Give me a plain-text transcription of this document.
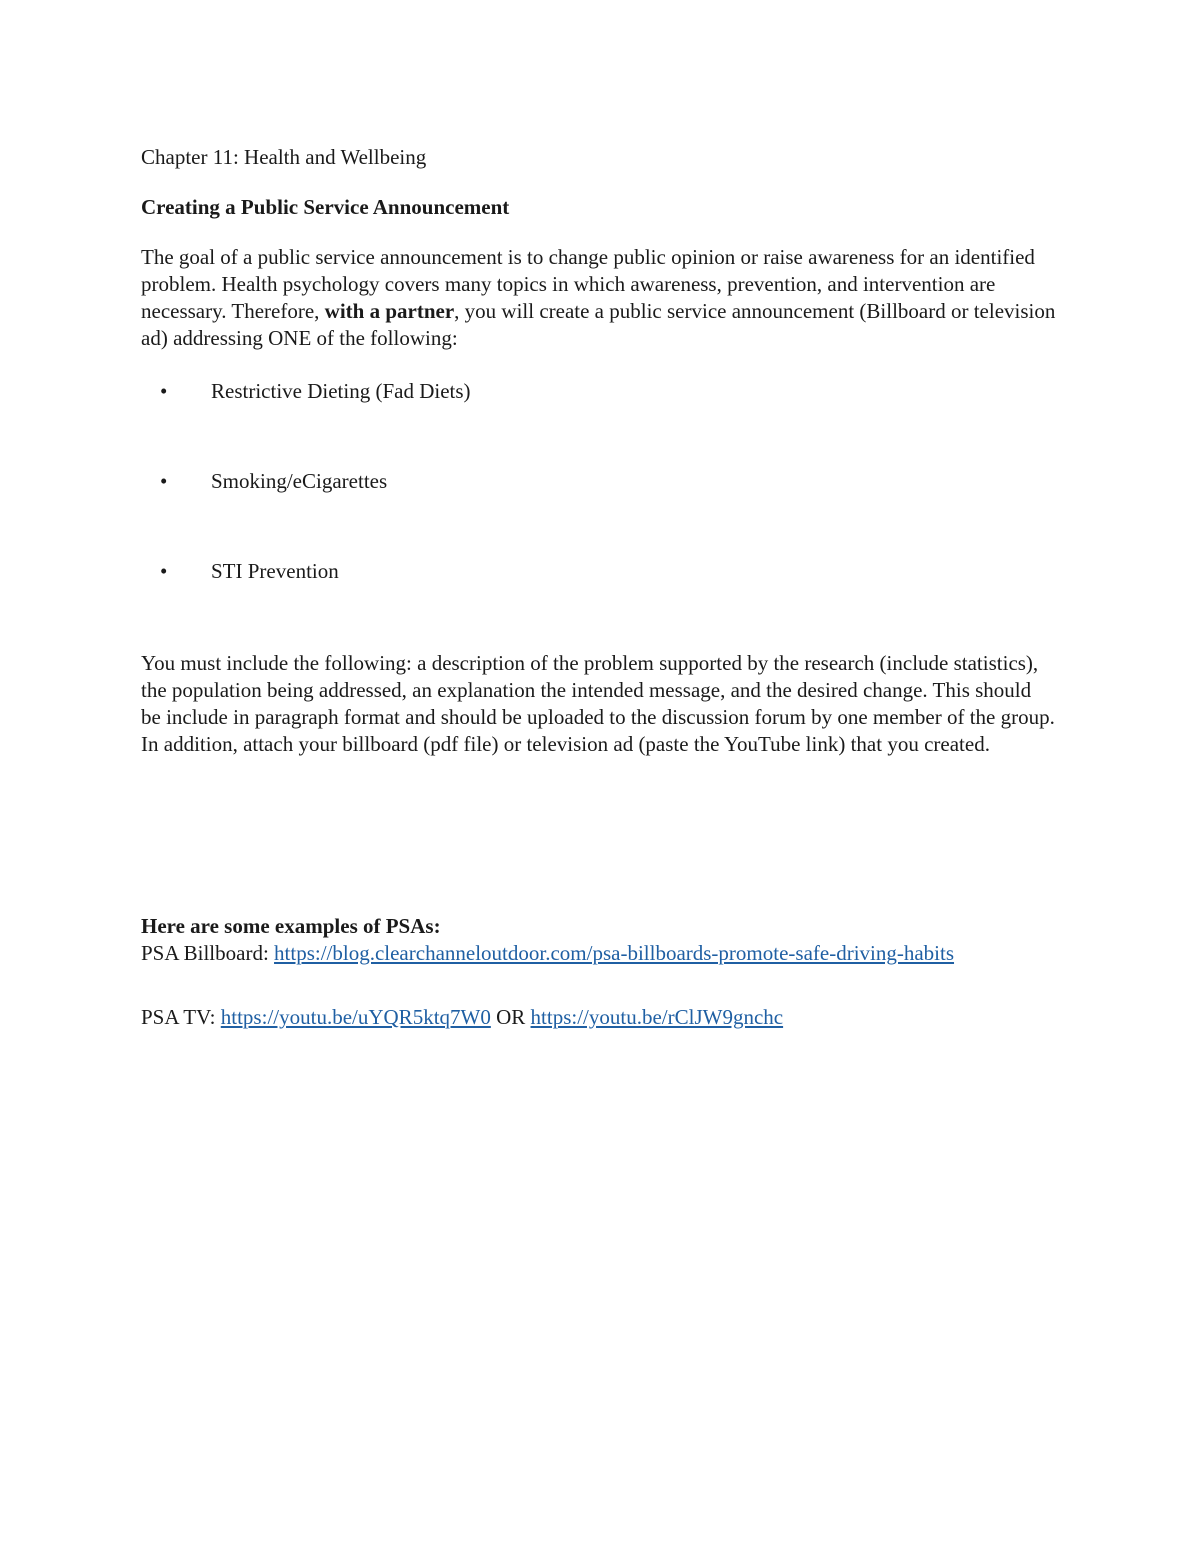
Chapter 11: Health and Wellbeing
Creating a Public Service Announcement

The goal of a public service announcement is to change public opinion or raise awareness for an identified problem. Health psychology covers many topics in which awareness, prevention, and intervention are necessary. Therefore, with a partner, you will create a public service announcement (Billboard or television ad) addressing ONE of the following:

• Restrictive Dieting (Fad Diets)
• Smoking/eCigarettes
• STI Prevention

You must include the following: a description of the problem supported by the research (include statistics), the population being addressed, an explanation the intended message, and the desired change. This should be include in paragraph format and should be uploaded to the discussion forum by one member of the group. In addition, attach your billboard (pdf file) or television ad (paste the YouTube link) that you created.

Here are some examples of PSAs:
PSA Billboard: https://blog.clearchanneloutdoor.com/psa-billboards-promote-safe-driving-habits
PSA TV: https://youtu.be/uYQR5ktq7W0 OR https://youtu.be/rClJW9gnchc
